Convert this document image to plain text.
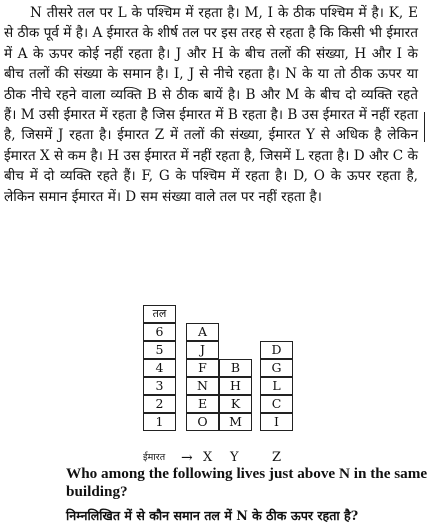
N तीसरे तल पर L के पश्चिम में रहता है। M, I के ठीक पश्चिम में है। K, E से ठीक पूर्व में है। A ईमारत के शीर्ष तल पर इस तरह से रहता है कि किसी भी ईमारत में A के ऊपर कोई नहीं रहता है। J और H के बीच तलों की संख्या, H और I के बीच तलों की संख्या के समान है। I, J से नीचे रहता है। N के या तो ठीक ऊपर या ठीक नीचे रहने वाला व्यक्ति B से ठीक बायें है। B और M के बीच दो व्यक्ति रहते हैं। M उसी ईमारत में रहता है जिस ईमारत में B रहता है। B उस ईमारत में नहीं रहता है, जिसमें J रहता है। ईमारत Z में तलों की संख्या, ईमारत Y से अधिक है लेकिन ईमारत X से कम है। H उस ईमारत में नहीं रहता है, जिसमें L रहता है। D और C के बीच में दो व्यक्ति रहते हैं। F, G के पश्चिम में रहता है। D, O के ऊपर रहता है, लेकिन समान ईमारत में। D सम संख्या वाले तल पर नहीं रहता है।

तल
6
5
4
3
2
1
A
J
F
N
E
O
B
H
K
M
D
G
L
C
I
ईमारत → X Y	Z

Who among the following lives just above N in the same building?

निम्नलिखित में से कौन समान तल में N के ठीक ऊपर रहता है?
